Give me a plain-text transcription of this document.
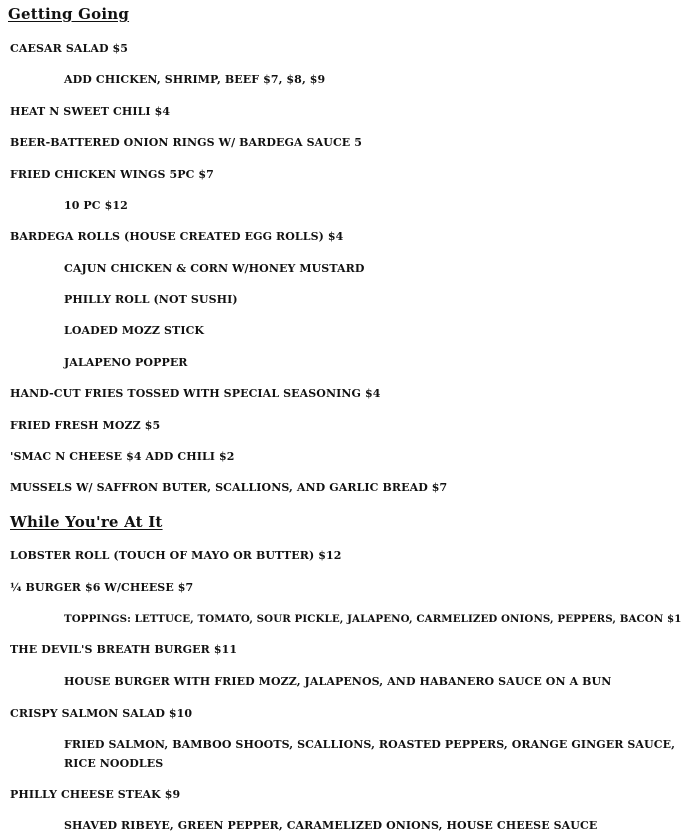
Getting Going

CAESAR SALAD $5

ADD CHICKEN, SHRIMP, BEEF $7, $8, $9

HEAT N SWEET CHILI $4

BEER-BATTERED ONION RINGS W/ BARDEGA SAUCE 5

FRIED CHICKEN WINGS 5PC $7

10 PC $12

BARDEGA ROLLS (HOUSE CREATED EGG ROLLS) $4

CAJUN CHICKEN & CORN W/HONEY MUSTARD

PHILLY ROLL (NOT SUSHI)

LOADED MOZZ STICK

JALAPENO POPPER

HAND-CUT FRIES TOSSED WITH SPECIAL SEASONING $4

FRIED FRESH MOZZ $5

'SMAC N CHEESE $4 ADD CHILI $2

MUSSELS W/ SAFFRON BUTER, SCALLIONS, AND GARLIC BREAD $7

While You're At It

LOBSTER ROLL (TOUCH OF MAYO OR BUTTER) $12

¼ BURGER $6 W/CHEESE $7

TOPPINGS: LETTUCE, TOMATO, SOUR PICKLE, JALAPENO, CARMELIZED ONIONS, PEPPERS, BACON $1

THE DEVIL'S BREATH BURGER $11

HOUSE BURGER WITH FRIED MOZZ, JALAPENOS, AND HABANERO SAUCE ON A BUN

CRISPY SALMON SALAD $10

FRIED SALMON, BAMBOO SHOOTS, SCALLIONS, ROASTED PEPPERS, ORANGE GINGER SAUCE, RICE NOODLES

PHILLY CHEESE STEAK $9

SHAVED RIBEYE, GREEN PEPPER, CARAMELIZED ONIONS, HOUSE CHEESE SAUCE
